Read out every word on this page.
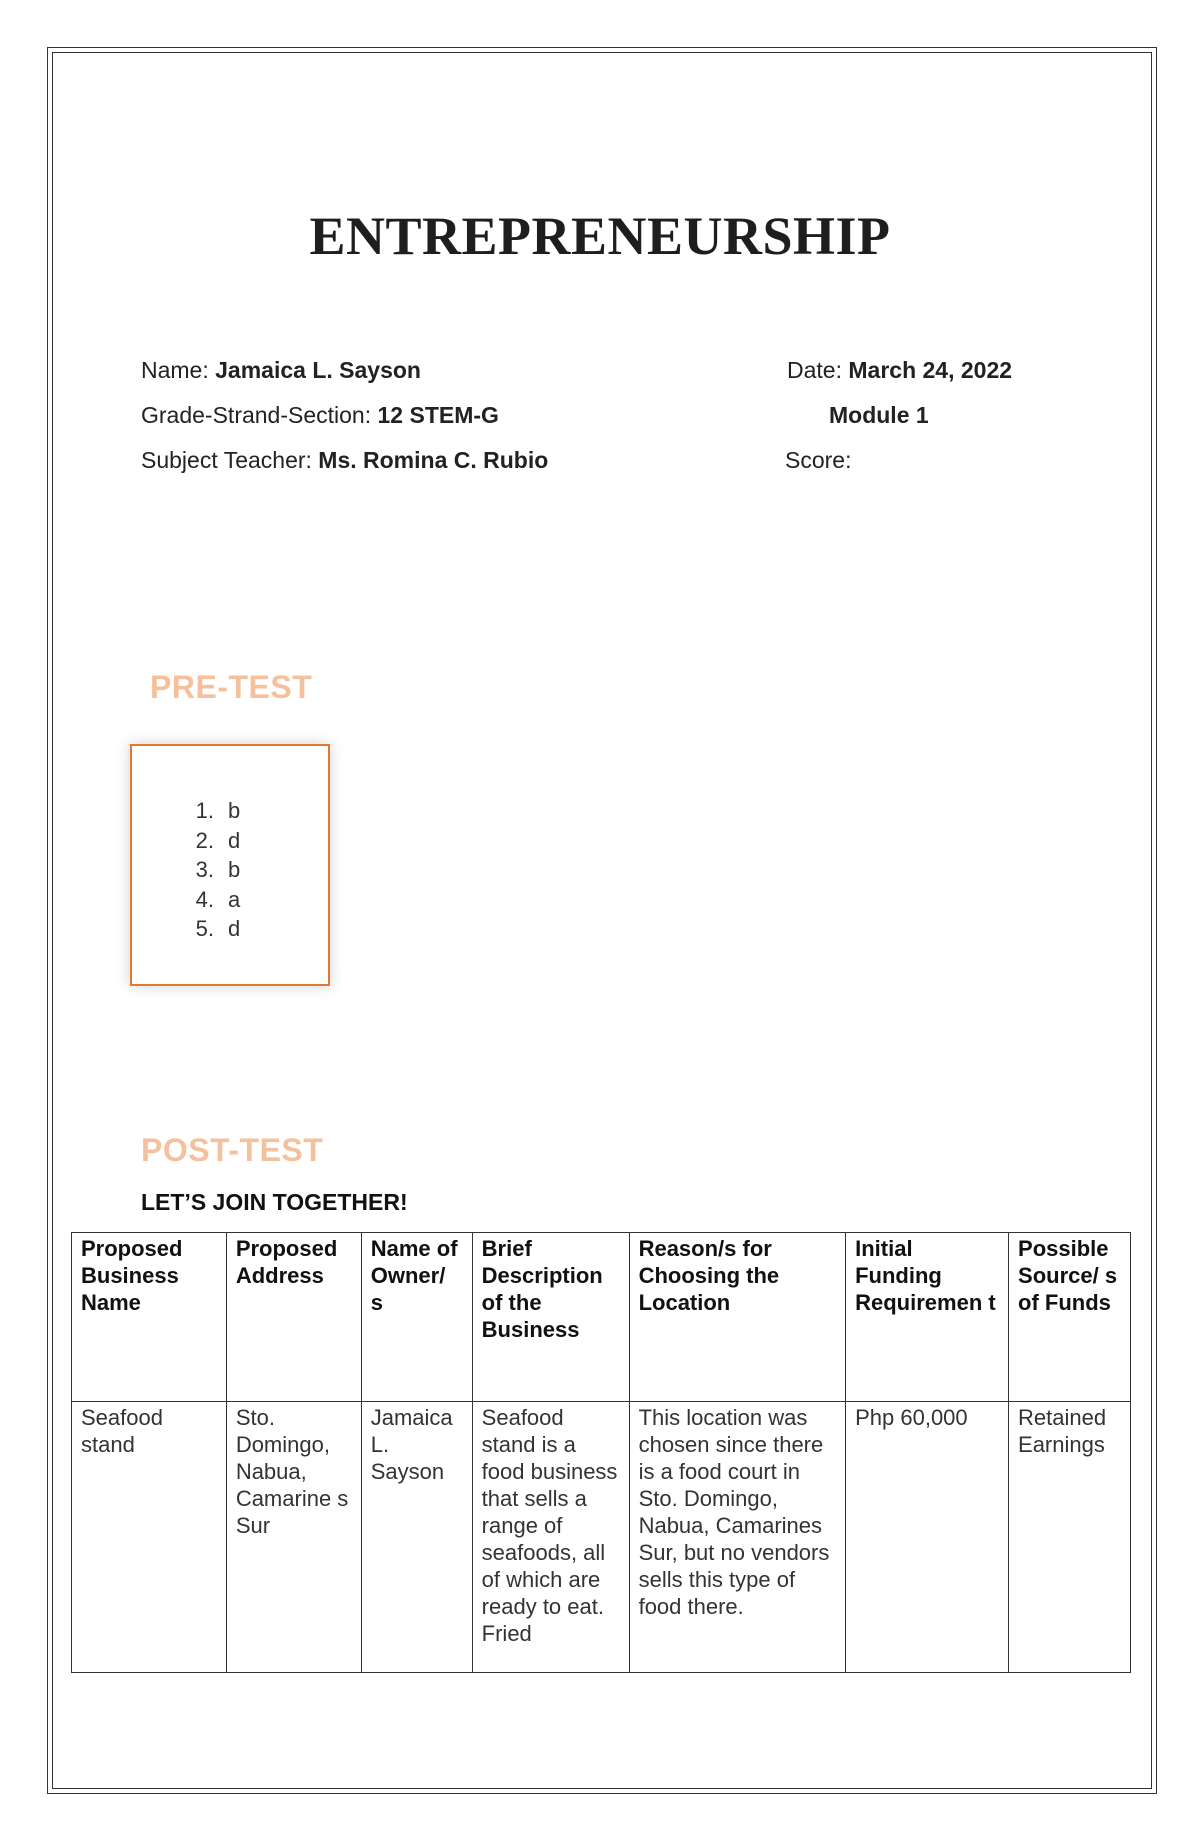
ENTREPRENEURSHIP
Name: Jamaica L. Sayson
Grade-Strand-Section: 12 STEM-G
Subject Teacher: Ms. Romina C. Rubio
Date: March 24, 2022
Module 1
Score:
PRE-TEST
1. b
2. d
3. b
4. a
5. d
POST-TEST
LET’S JOIN TOGETHER!
Proposed Business Name	Proposed Address	Name of Owner/ s	Brief Description of the Business	Reason/s for Choosing the Location	Initial Funding Requiremen t	Possible Source/ s of Funds
Seafood stand	Sto. Domingo, Nabua, Camarine s Sur	Jamaica L. Sayson	Seafood stand is a food business that sells a range of seafoods, all of which are ready to eat. Fried	This location was chosen since there is a food court in Sto. Domingo, Nabua, Camarines Sur, but no vendors sells this type of food there.	Php 60,000	Retained Earnings
